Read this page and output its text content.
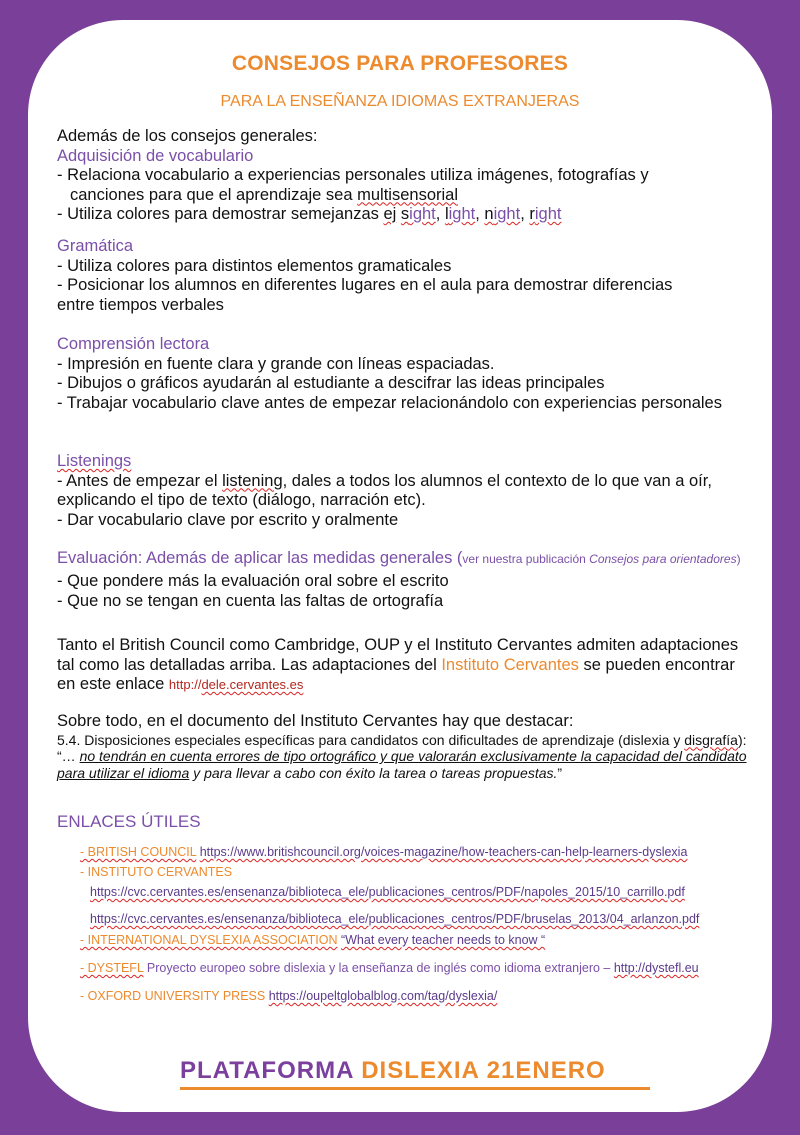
CONSEJOS PARA PROFESORES
PARA LA ENSEÑANZA IDIOMAS EXTRANJERAS
Además de los consejos generales:
Adquisición de vocabulario
- Relaciona vocabulario a experiencias personales utiliza imágenes, fotografías y
canciones para que el aprendizaje sea multisensorial
- Utiliza colores para demostrar semejanzas ej sight, light, night, right
Gramática
- Utiliza colores para distintos elementos gramaticales
- Posicionar los alumnos en diferentes lugares en el aula para demostrar diferencias entre tiempos verbales
Comprensión lectora
- Impresión en fuente clara y grande con líneas espaciadas.
- Dibujos o gráficos ayudarán al estudiante a descifrar las ideas principales
- Trabajar vocabulario clave antes de empezar relacionándolo con experiencias personales
Listenings
- Antes de empezar el listening, dales a todos los alumnos el contexto de lo que van a oír, explicando el tipo de texto (diálogo, narración etc).
- Dar vocabulario clave por escrito y oralmente
Evaluación: Además de aplicar las medidas generales (ver nuestra publicación Consejos para orientadores)
- Que pondere más la evaluación oral sobre el escrito
- Que no se tengan en cuenta las faltas de ortografía
Tanto el British Council como Cambridge, OUP y el Instituto Cervantes admiten adaptaciones tal como las detalladas arriba. Las adaptaciones del Instituto Cervantes se pueden encontrar en este enlace http://dele.cervantes.es
Sobre todo, en el documento del Instituto Cervantes hay que destacar:
5.4. Disposiciones especiales específicas para candidatos con dificultades de aprendizaje (dislexia y disgrafía): “… no tendrán en cuenta errores de tipo ortográfico y que valorarán exclusivamente la capacidad del candidato para utilizar el idioma y para llevar a cabo con éxito la tarea o tareas propuestas.”
ENLACES ÚTILES
- BRITISH COUNCIL https://www.britishcouncil.org/voices-magazine/how-teachers-can-help-learners-dyslexia
- INSTITUTO CERVANTES
https://cvc.cervantes.es/ensenanza/biblioteca_ele/publicaciones_centros/PDF/napoles_2015/10_carrillo.pdf
https://cvc.cervantes.es/ensenanza/biblioteca_ele/publicaciones_centros/PDF/bruselas_2013/04_arlanzon.pdf
- INTERNATIONAL DYSLEXIA ASSOCIATION “What every teacher needs to know “
- DYSTEFL Proyecto europeo sobre dislexia y la enseñanza de inglés como idioma extranjero – http://dystefl.eu
- OXFORD UNIVERSITY PRESS https://oupeltglobalblog.com/tag/dyslexia/
PLATAFORMA DISLEXIA 21ENERO
